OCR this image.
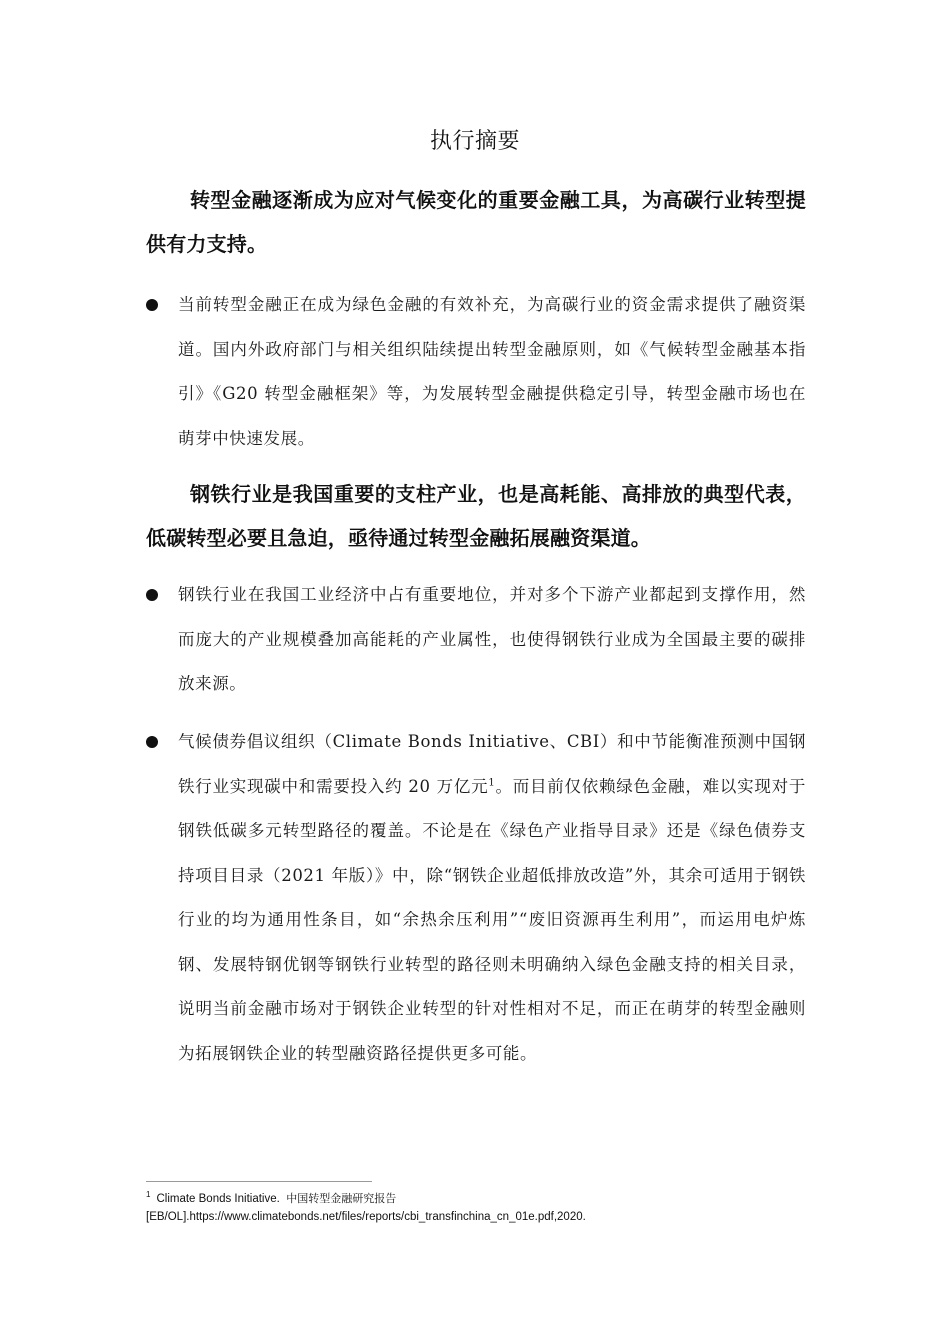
执行摘要

转型金融逐渐成为应对气候变化的重要金融工具，为高碳行业转型提供有力支持。

当前转型金融正在成为绿色金融的有效补充，为高碳行业的资金需求提供了融资渠道。国内外政府部门与相关组织陆续提出转型金融原则，如《气候转型金融基本指引》《G20 转型金融框架》等，为发展转型金融提供稳定引导，转型金融市场也在萌芽中快速发展。

钢铁行业是我国重要的支柱产业，也是高耗能、高排放的典型代表，低碳转型必要且急迫，亟待通过转型金融拓展融资渠道。

钢铁行业在我国工业经济中占有重要地位，并对多个下游产业都起到支撑作用，然而庞大的产业规模叠加高能耗的产业属性，也使得钢铁行业成为全国最主要的碳排放来源。

气候债券倡议组织（Climate Bonds Initiative、CBI）和中节能衡准预测中国钢铁行业实现碳中和需要投入约 20 万亿元$^1$。而目前仅依赖绿色金融，难以实现对于钢铁低碳多元转型路径的覆盖。不论是在《绿色产业指导目录》还是《绿色债券支持项目目录（2021 年版）》中，除“钢铁企业超低排放改造”外，其余可适用于钢铁行业的均为通用性条目，如“余热余压利用”“废旧资源再生利用”，而运用电炉炼钢、发展特钢优钢等钢铁行业转型的路径则未明确纳入绿色金融支持的相关目录，说明当前金融市场对于钢铁企业转型的针对性相对不足，而正在萌芽的转型金融则为拓展钢铁企业的转型融资路径提供更多可能。

$^1$ Climate Bonds Initiative. 中国转型金融研究报告
[EB/OL].https://www.climatebonds.net/files/reports/cbi_transfinchina_cn_01e.pdf,2020.
